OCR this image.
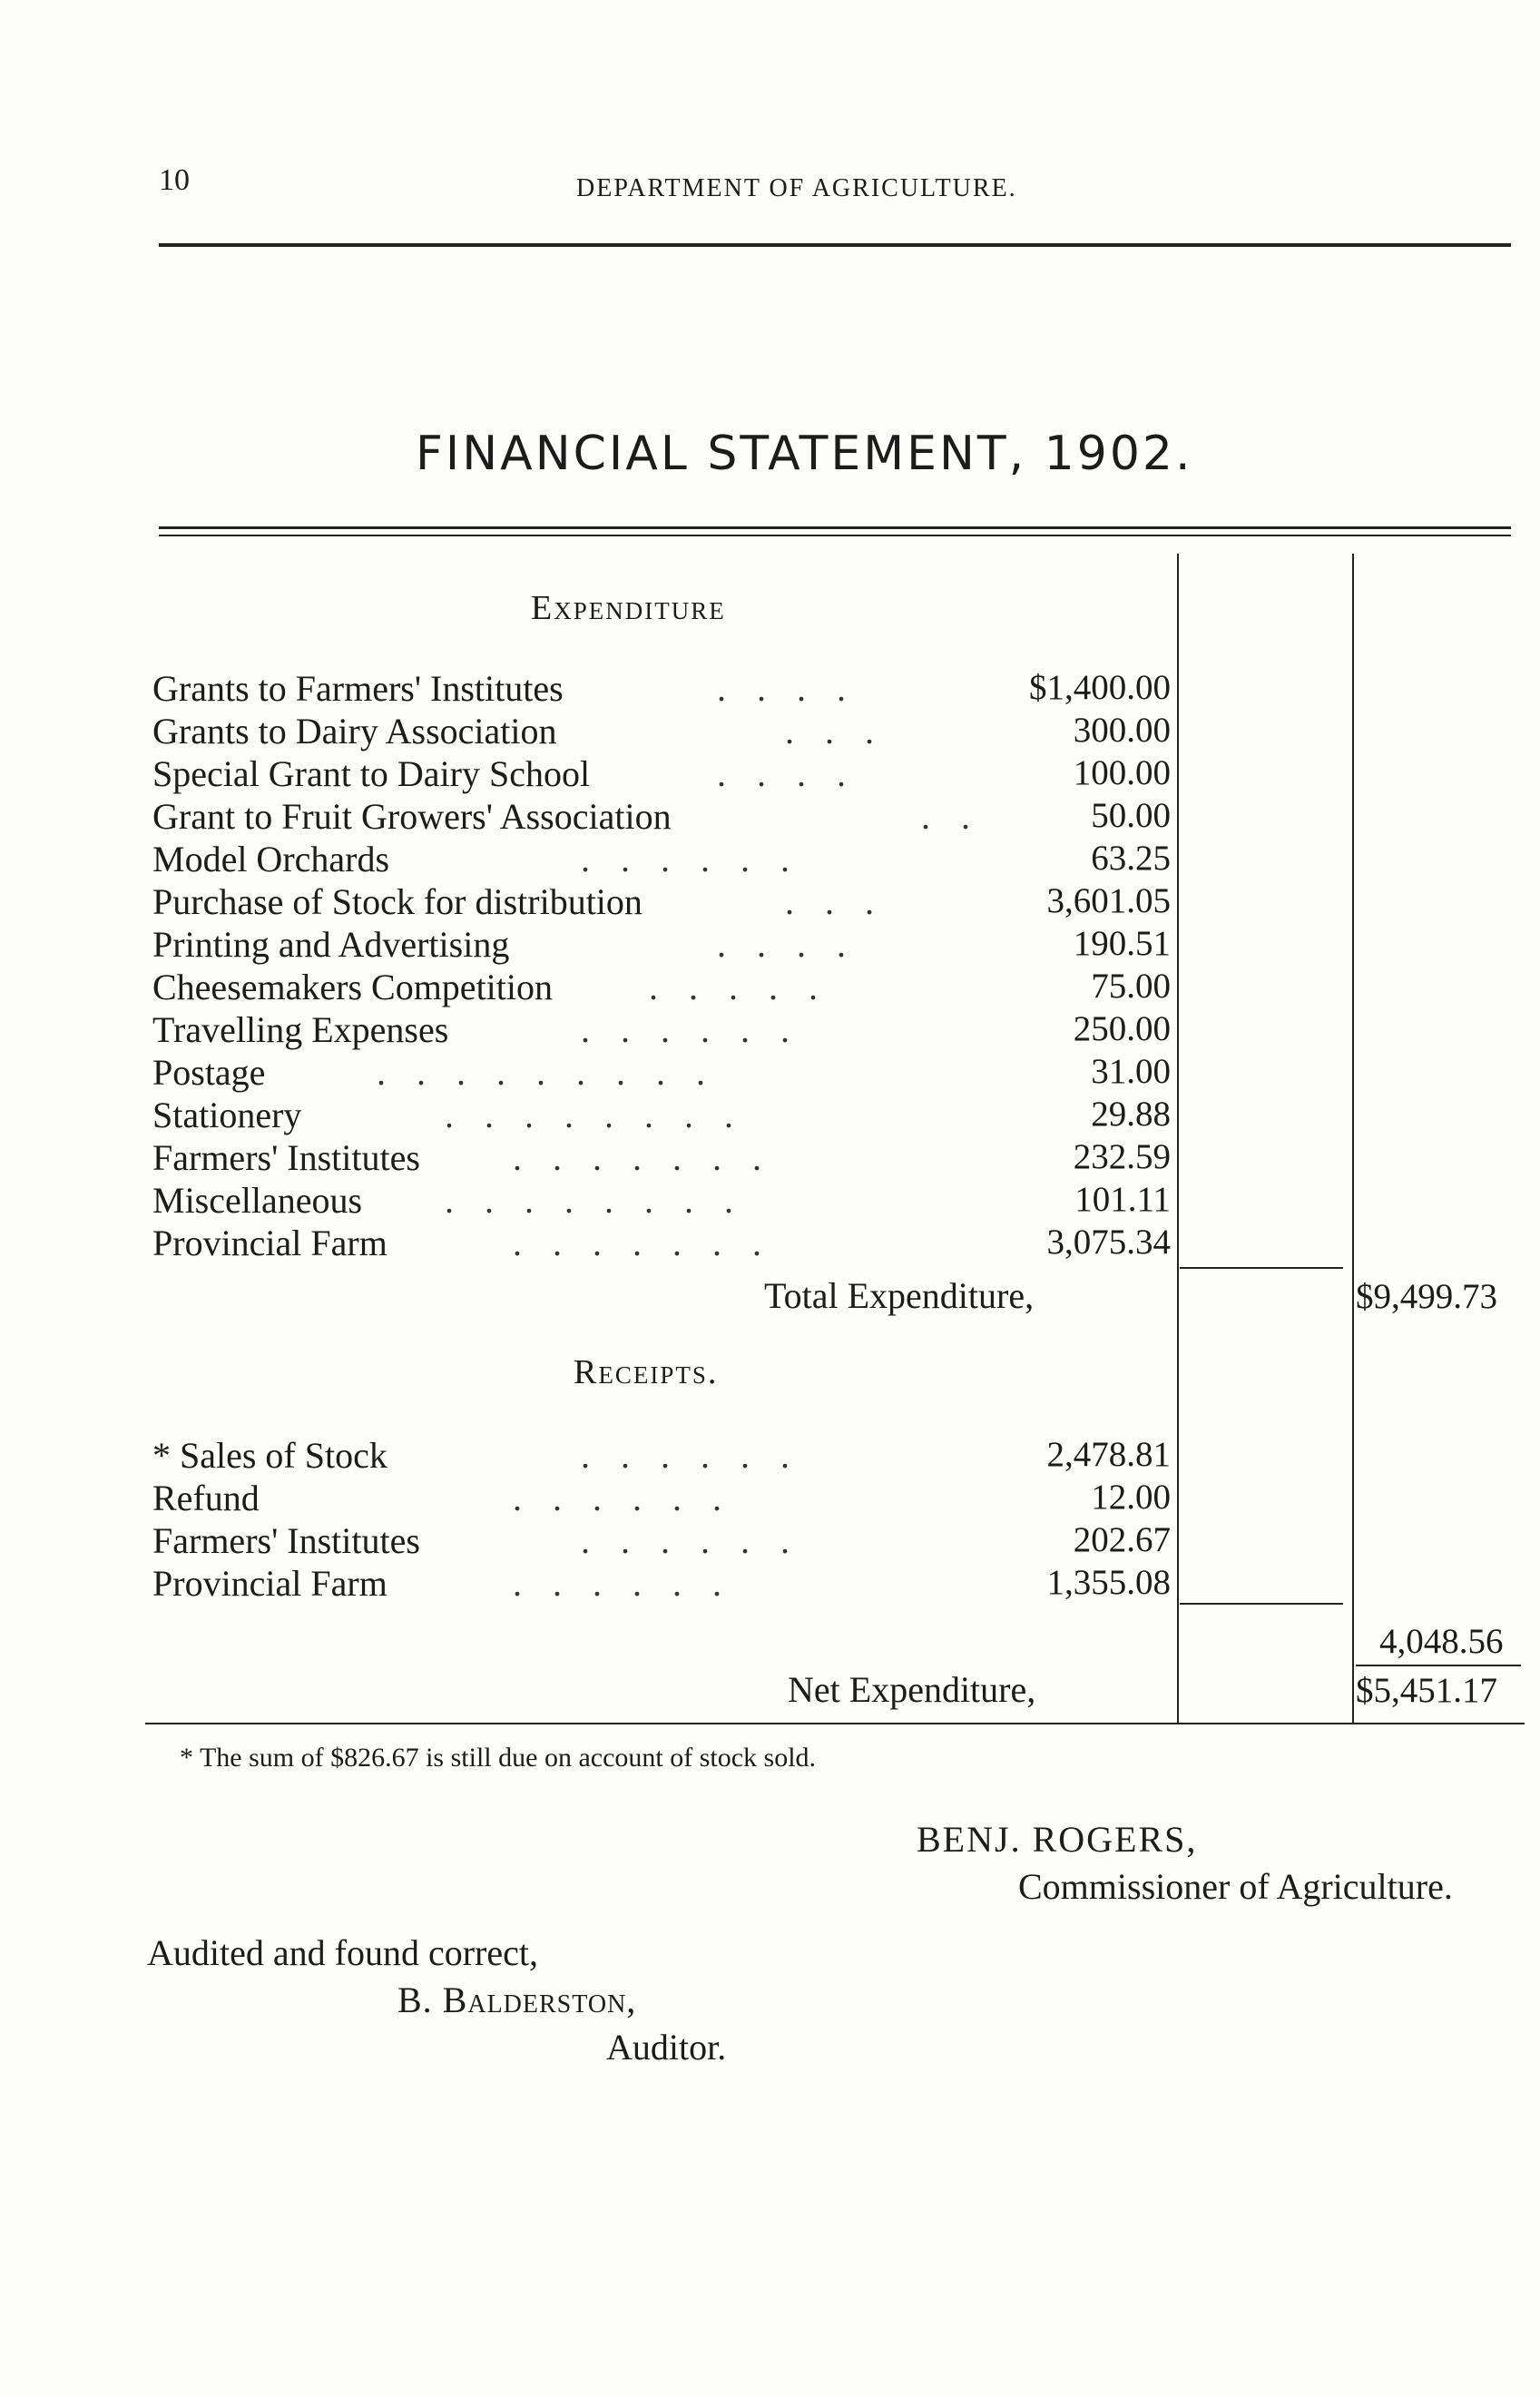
10	DEPARTMENT OF AGRICULTURE.
FINANCIAL STATEMENT, 1902.
Expenditure
Grants to Farmers' Institutes	....	$1,400.00
Grants to Dairy Association	...	300.00
Special Grant to Dairy School	....	100.00
Grant to Fruit Growers' Association	..	50.00
Model Orchards	......	63.25
Purchase of Stock for distribution	...	3,601.05
Printing and Advertising	....	190.51
Cheesemakers Competition	.....	75.00
Travelling Expenses	......	250.00
Postage	.........	31.00
Stationery	........	29.88
Farmers' Institutes	.......	232.59
Miscellaneous ........	101.11
Provincial Farm	.......	3,075.34
Total Expenditure,	$9,499.73
Receipts.
* Sales of Stock	......	2,478.81
Refund	......	12.00
Farmers' Institutes	......	202.67
Provincial Farm	......	1,355.08
4,048.56
Net Expenditure,	$5,451.17
* The sum of $826.67 is still due on account of stock sold.
BENJ. ROGERS,
Commissioner of Agriculture.
Audited and found correct,
B. Balderston,
Auditor.
